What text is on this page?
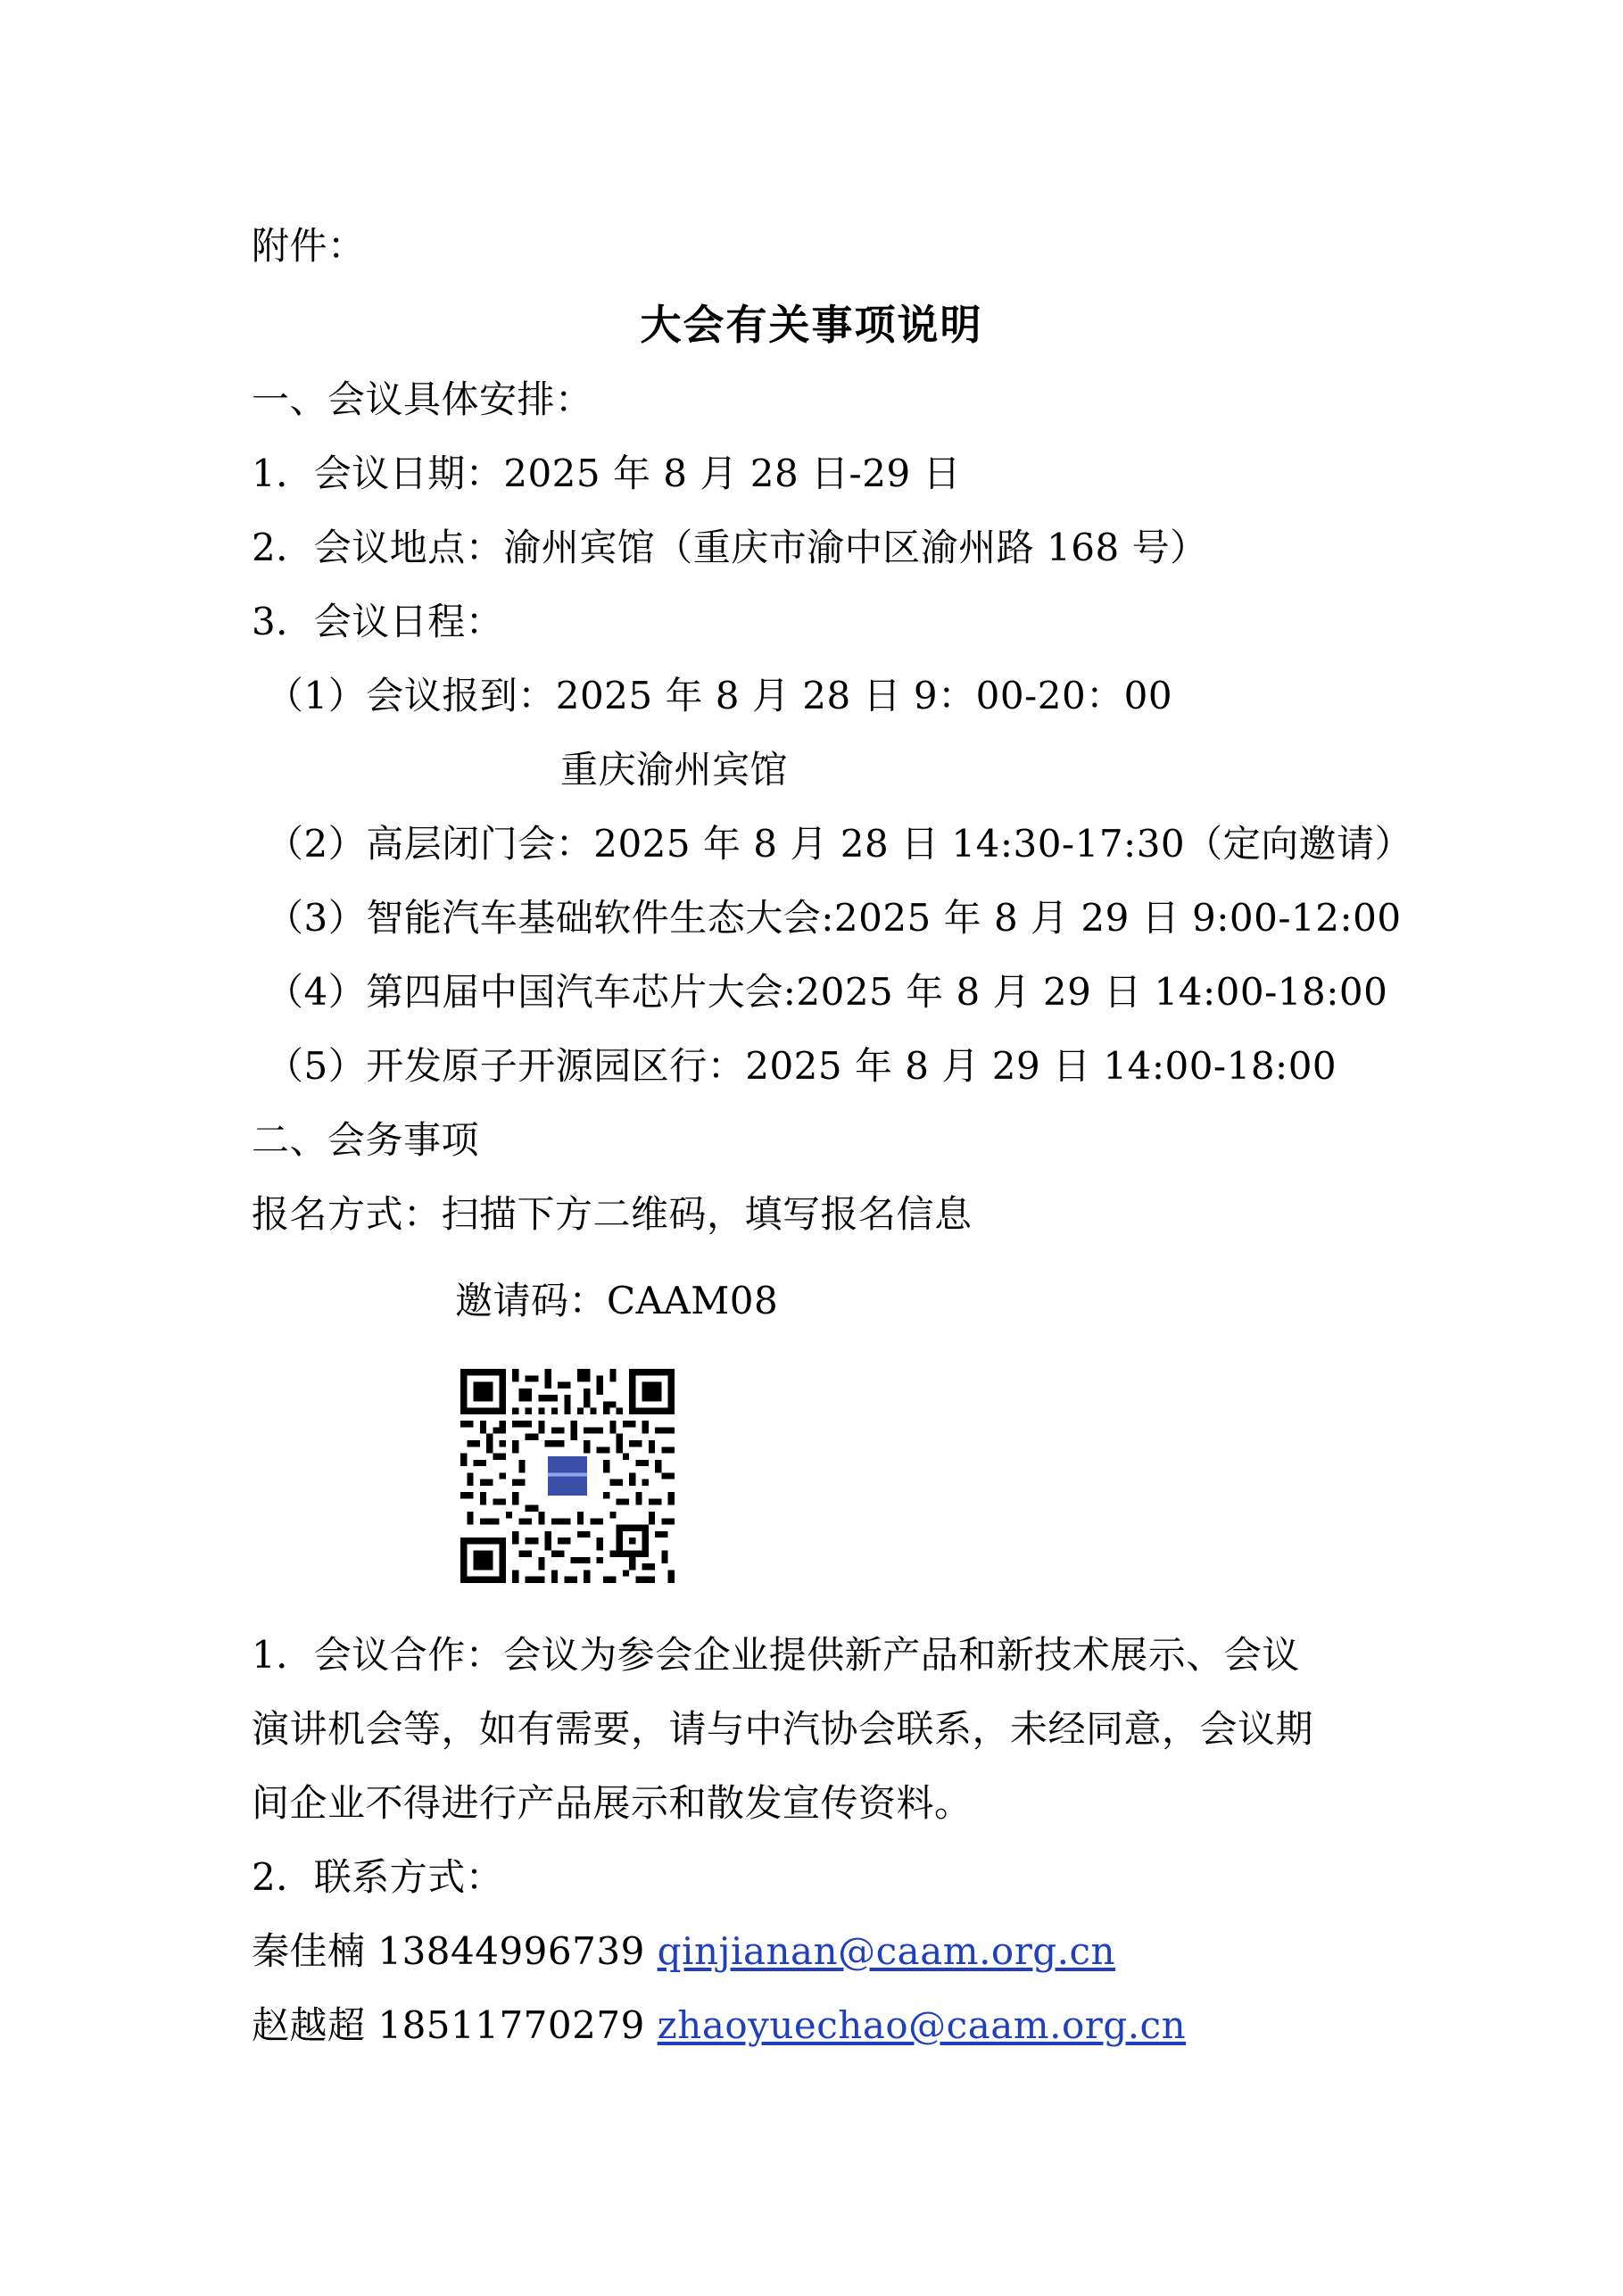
附件：
大会有关事项说明
一、会议具体安排：
1．会议日期：2025 年 8 月 28 日-29 日
2．会议地点：渝州宾馆（重庆市渝中区渝州路 168 号）
3．会议日程：
（1）会议报到：2025 年 8 月 28 日 9：00-20：00
重庆渝州宾馆
（2）高层闭门会：2025 年 8 月 28 日 14:30-17:30（定向邀请）
（3）智能汽车基础软件生态大会:2025 年 8 月 29 日 9:00-12:00
（4）第四届中国汽车芯片大会:2025 年 8 月 29 日 14:00-18:00
（5）开发原子开源园区行：2025 年 8 月 29 日 14:00-18:00
二、会务事项
报名方式：扫描下方二维码，填写报名信息
邀请码：CAAM08
1．会议合作：会议为参会企业提供新产品和新技术展示、会议
演讲机会等，如有需要，请与中汽协会联系，未经同意，会议期
间企业不得进行产品展示和散发宣传资料。
2．联系方式：
秦佳楠 13844996739 qinjianan@caam.org.cn
赵越超 18511770279 zhaoyuechao@caam.org.cn
